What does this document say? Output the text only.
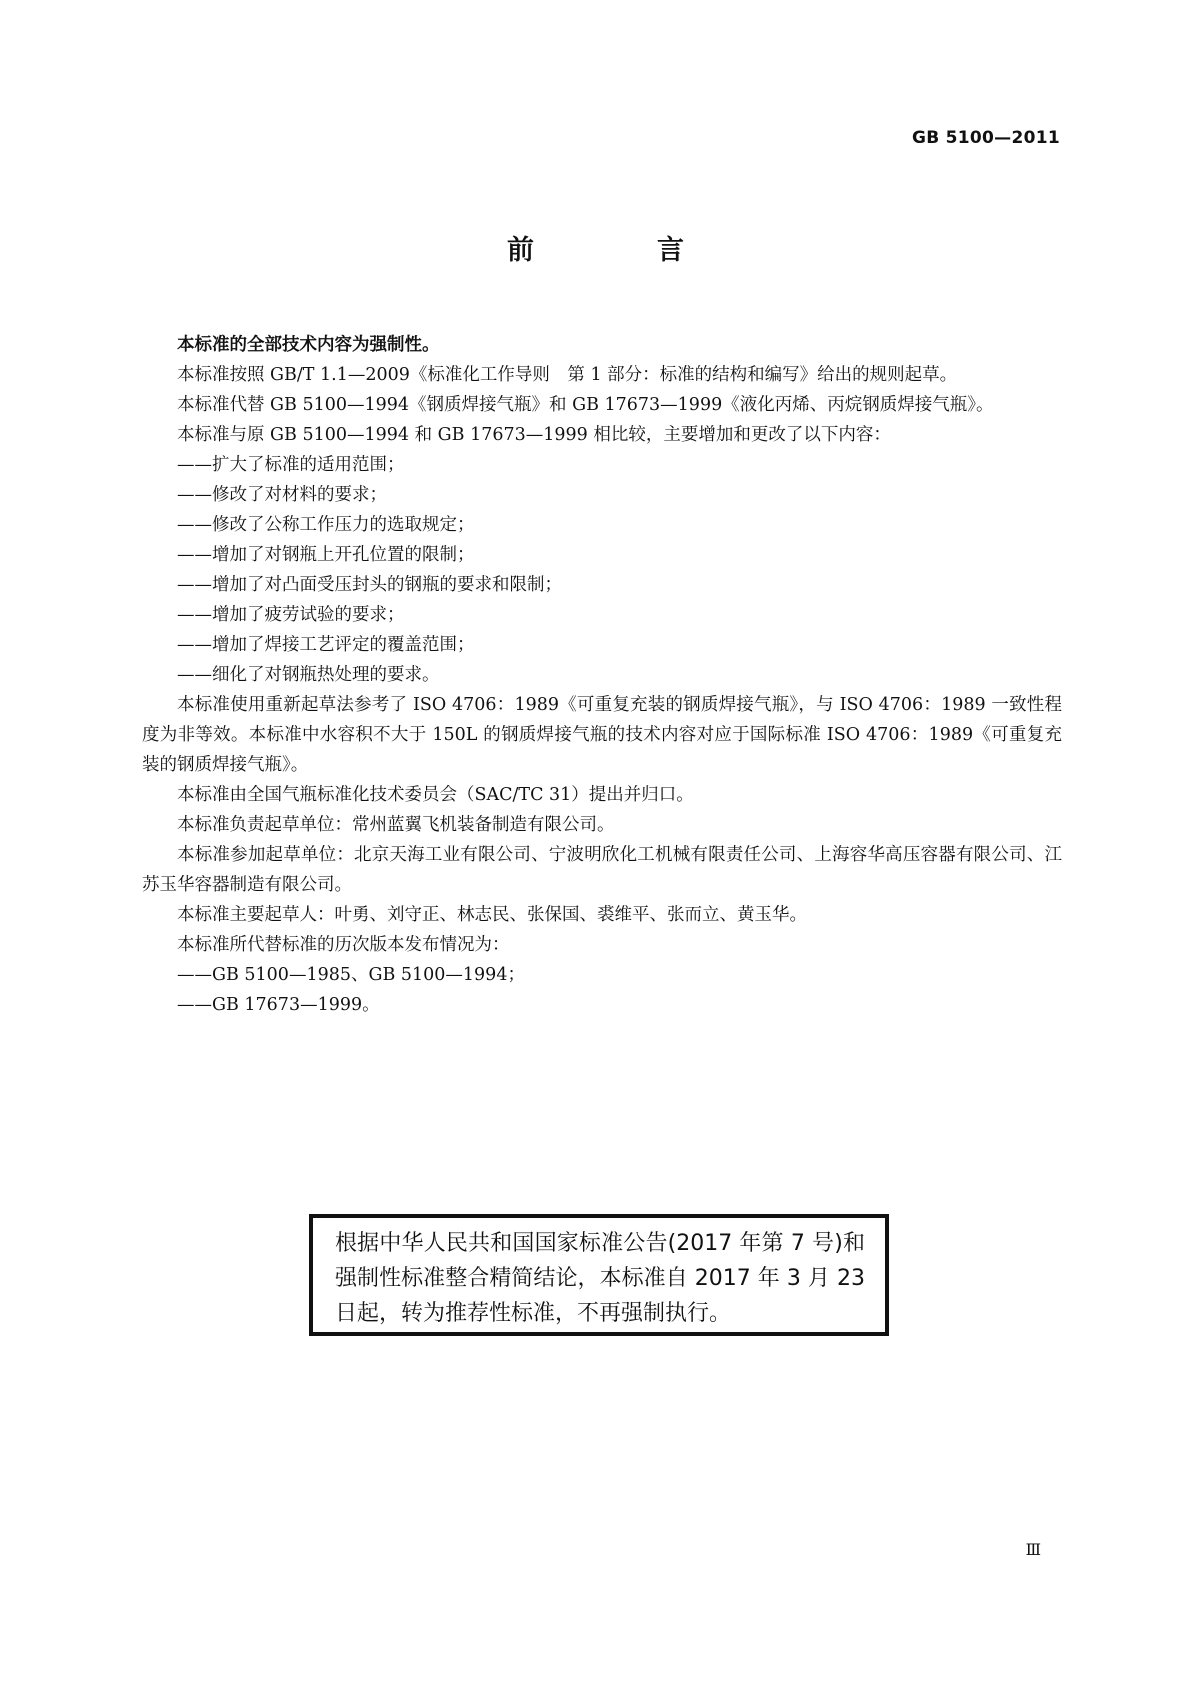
GB 5100—2011
前　言

本标准的全部技术内容为强制性。

本标准按照 GB/T 1.1—2009《标准化工作导则　第 1 部分：标准的结构和编写》给出的规则起草。

本标准代替 GB 5100—1994《钢质焊接气瓶》和 GB 17673—1999《液化丙烯、丙烷钢质焊接气瓶》。

本标准与原 GB 5100—1994 和 GB 17673—1999 相比较，主要增加和更改了以下内容：

——扩大了标准的适用范围；

——修改了对材料的要求；

——修改了公称工作压力的选取规定；

——增加了对钢瓶上开孔位置的限制；

——增加了对凸面受压封头的钢瓶的要求和限制；

——增加了疲劳试验的要求；

——增加了焊接工艺评定的覆盖范围；

——细化了对钢瓶热处理的要求。

本标准使用重新起草法参考了 ISO 4706：1989《可重复充装的钢质焊接气瓶》，与 ISO 4706：1989 一致性程度为非等效。本标准中水容积不大于 150L 的钢质焊接气瓶的技术内容对应于国际标准 ISO 4706：1989《可重复充装的钢质焊接气瓶》。

本标准由全国气瓶标准化技术委员会（SAC/TC 31）提出并归口。

本标准负责起草单位：常州蓝翼飞机装备制造有限公司。

本标准参加起草单位：北京天海工业有限公司、宁波明欣化工机械有限责任公司、上海容华高压容器有限公司、江苏玉华容器制造有限公司。

本标准主要起草人：叶勇、刘守正、林志民、张保国、裘维平、张而立、黄玉华。

本标准所代替标准的历次版本发布情况为：

——GB 5100—1985、GB 5100—1994；

——GB 17673—1999。

根据中华人民共和国国家标准公告(2017 年第 7 号)和强制性标准整合精简结论，本标准自 2017 年 3 月 23 日起，转为推荐性标准，不再强制执行。
Ⅲ
